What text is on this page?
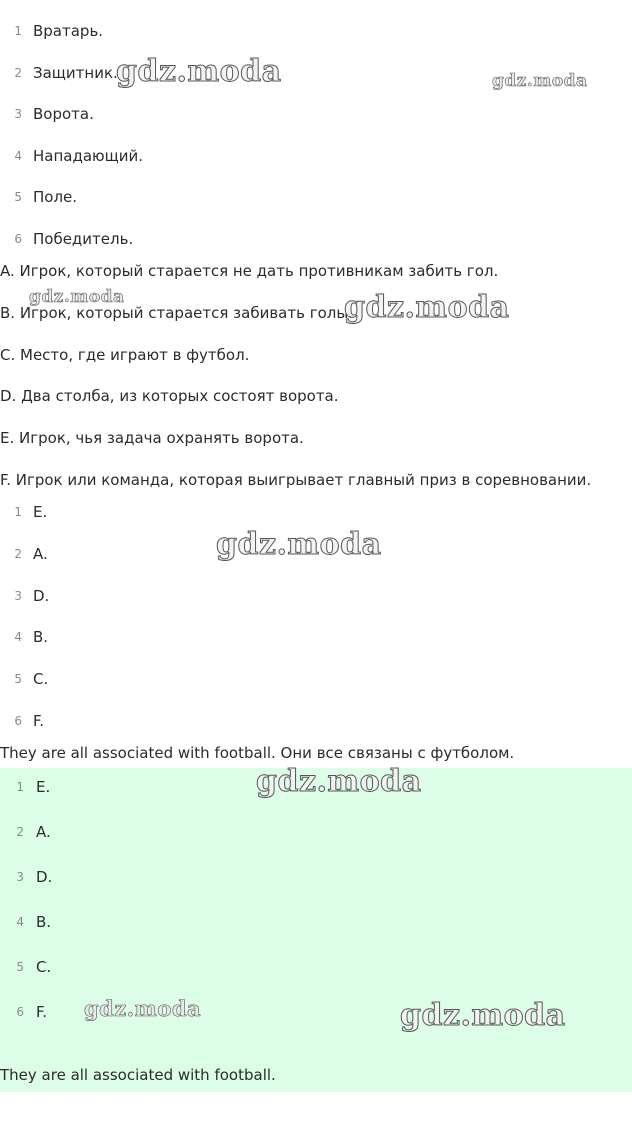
1 Вратарь.
2 Защитник.
3 Ворота.
4 Нападающий.
5 Поле.
6 Победитель.
A. Игрок, который старается не дать противникам забить гол.
B. Игрок, который старается забивать голы.
C. Место, где играют в футбол.
D. Два столба, из которых состоят ворота.
E. Игрок, чья задача охранять ворота.
F. Игрок или команда, которая выигрывает главный приз в соревновании.
1 E.
2 A.
3 D.
4 B.
5 C.
6 F.
They are all associated with football. Они все связаны с футболом.
1 E.
2 A.
3 D.
4 B.
5 C.
6 F.
They are all associated with football.
gdz.moda	gdz.moda
gdz.moda	gdz.moda
gdz.moda
gdz.moda
gdz.moda	gdz.moda
